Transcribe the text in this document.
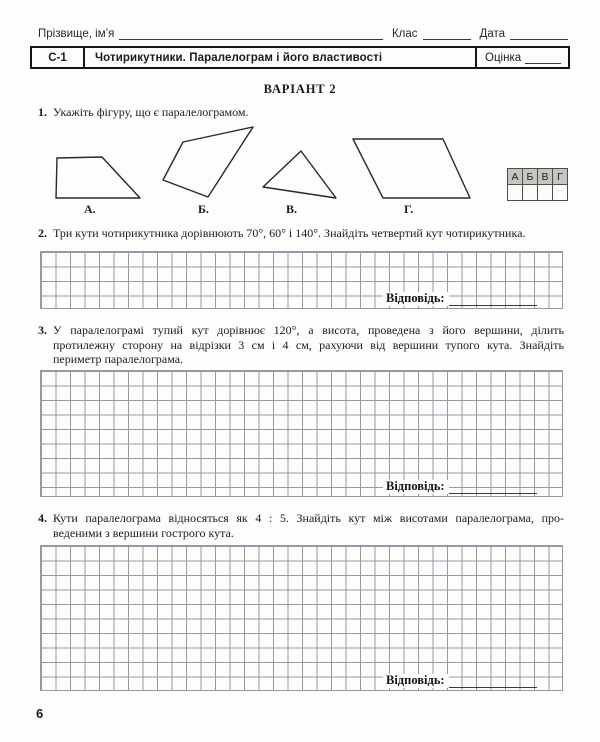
Прізвище, ім’я	Клас	Дата
С-1	Чотирикутники. Паралелограм і його властивості	Оцінка
ВАРІАНТ 2
1. Укажіть фігуру, що є паралелограмом.
А.	Б.	В.	Г.
А	Б	В	Г

2. Три кути чотирикутника дорівнюють 70°, 60° і 140°. Знайдіть четвертий кут чотирикутника.
Відповідь:
3. У паралелограмі тупий кут дорівнює 120°, а висота, проведена з його вершини, ділить
протилежну сторону на відрізки 3 см і 4 см, рахуючи від вершини тупого кута. Знайдіть
периметр паралелограма.
Відповідь:
4. Кути паралелограма відносяться як 4 : 5. Знайдіть кут між висотами паралелограма, про-
веденими з вершини гострого кута.
Відповідь:
6
